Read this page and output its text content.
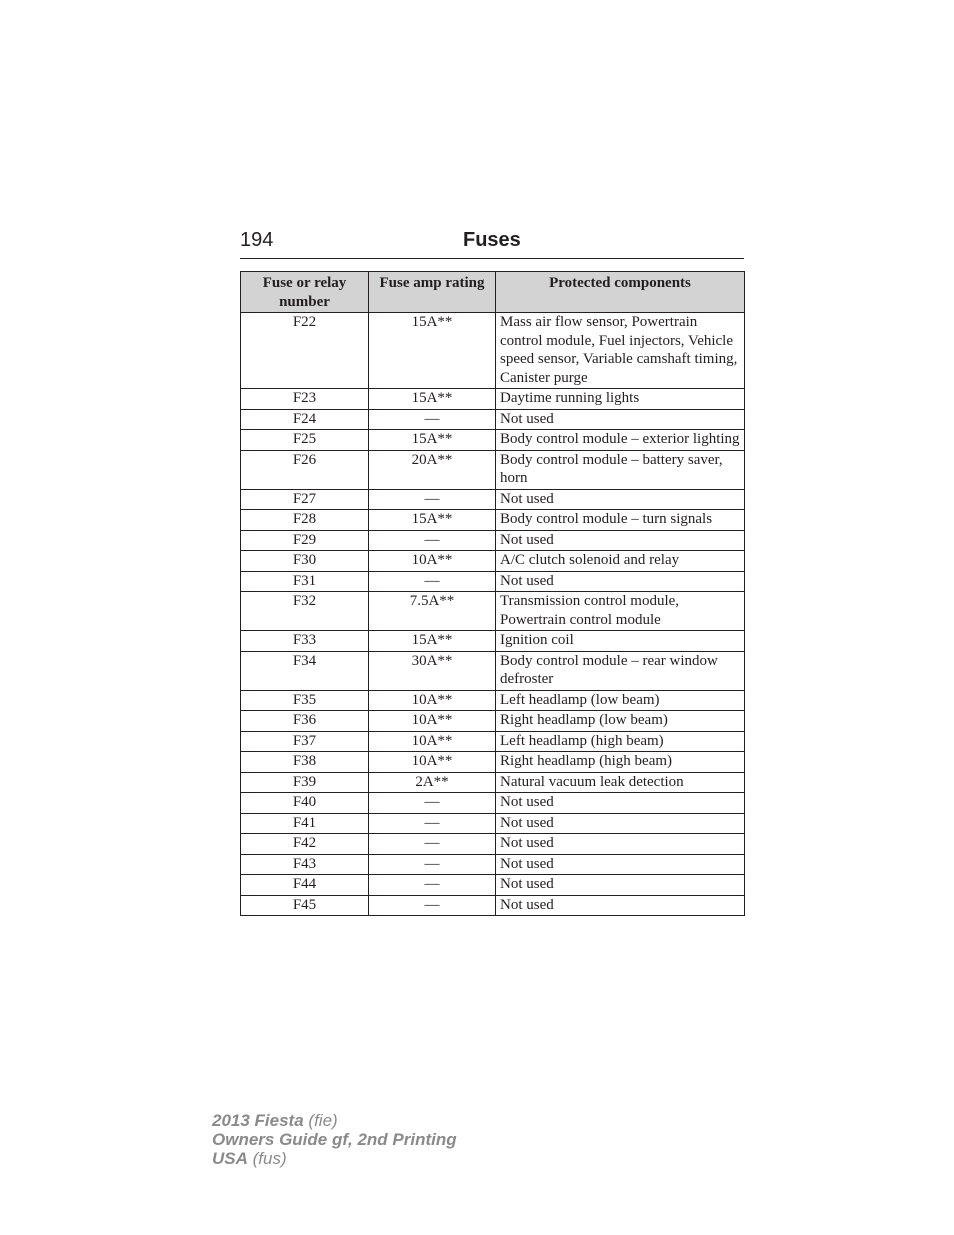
194	Fuses
Fuse or relay number	Fuse amp rating	Protected components
F22	15A**	Mass air flow sensor, Powertrain control module, Fuel injectors, Vehicle speed sensor, Variable camshaft timing, Canister purge
F23	15A**	Daytime running lights
F24	—	Not used
F25	15A**	Body control module – exterior lighting
F26	20A**	Body control module – battery saver, horn
F27	—	Not used
F28	15A**	Body control module – turn signals
F29	—	Not used
F30	10A**	A/C clutch solenoid and relay
F31	—	Not used
F32	7.5A**	Transmission control module, Powertrain control module
F33	15A**	Ignition coil
F34	30A**	Body control module – rear window defroster
F35	10A**	Left headlamp (low beam)
F36	10A**	Right headlamp (low beam)
F37	10A**	Left headlamp (high beam)
F38	10A**	Right headlamp (high beam)
F39	2A**	Natural vacuum leak detection
F40	—	Not used
F41	—	Not used
F42	—	Not used
F43	—	Not used
F44	—	Not used
F45	—	Not used
2013 Fiesta (fie)
Owners Guide gf, 2nd Printing
USA (fus)
